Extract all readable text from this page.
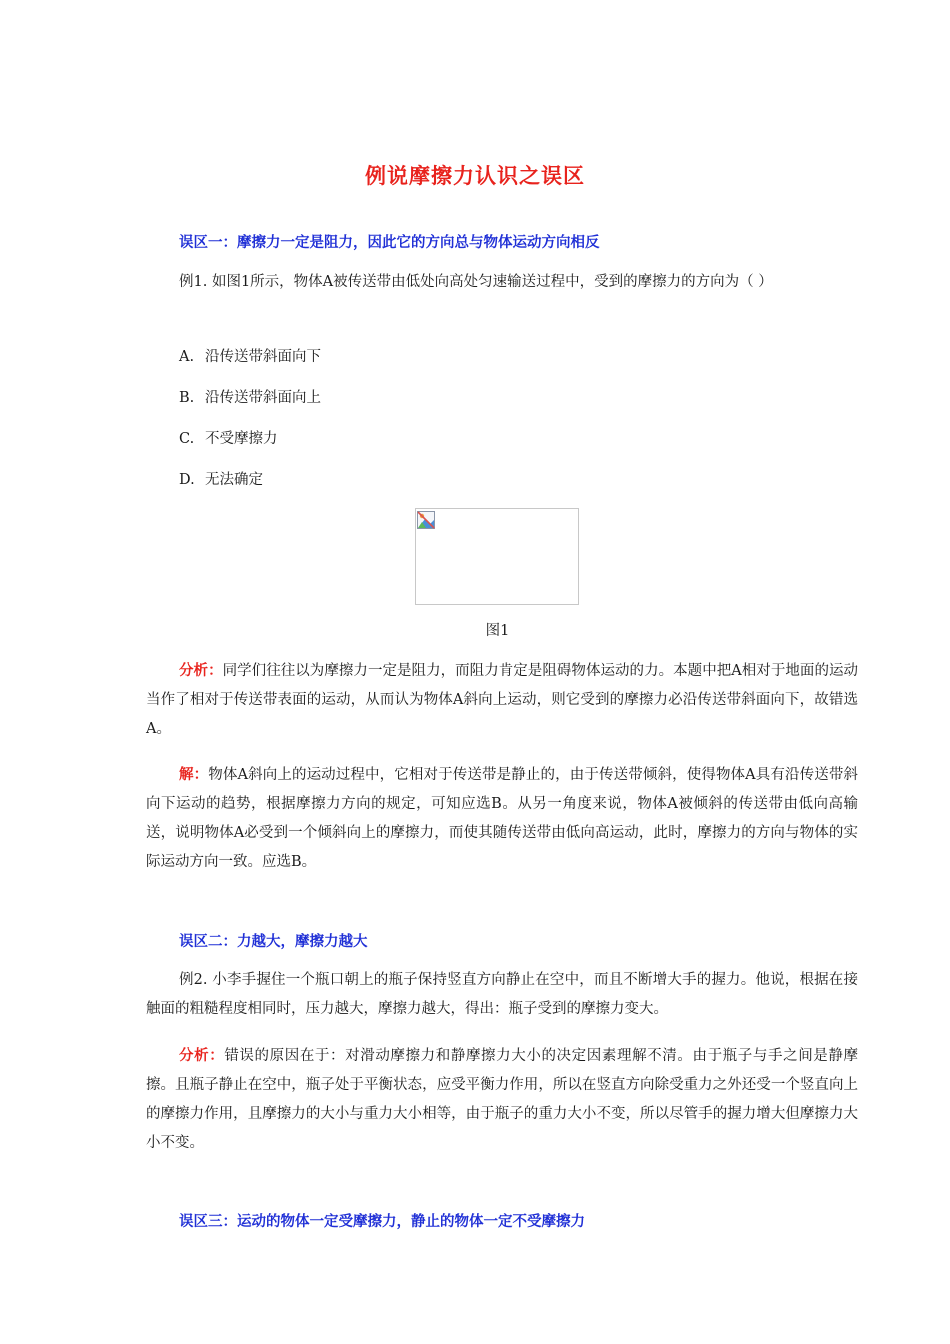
例说摩擦力认识之误区
误区一：摩擦力一定是阻力，因此它的方向总与物体运动方向相反
例1. 如图1所示，物体A被传送带由低处向高处匀速输送过程中，受到的摩擦力的方向为（ ）
A. 沿传送带斜面向下
B. 沿传送带斜面向上
C. 不受摩擦力
D. 无法确定
图1
分析：同学们往往以为摩擦力一定是阻力，而阻力肯定是阻碍物体运动的力。本题中把A相对于地面的运动当作了相对于传送带表面的运动，从而认为物体A斜向上运动，则它受到的摩擦力必沿传送带斜面向下，故错选A。
解：物体A斜向上的运动过程中，它相对于传送带是静止的，由于传送带倾斜，使得物体A具有沿传送带斜向下运动的趋势，根据摩擦力方向的规定，可知应选B。从另一角度来说，物体A被倾斜的传送带由低向高输送，说明物体A必受到一个倾斜向上的摩擦力，而使其随传送带由低向高运动，此时，摩擦力的方向与物体的实际运动方向一致。应选B。
误区二：力越大，摩擦力越大
例2. 小李手握住一个瓶口朝上的瓶子保持竖直方向静止在空中，而且不断增大手的握力。他说，根据在接触面的粗糙程度相同时，压力越大，摩擦力越大，得出：瓶子受到的摩擦力变大。
分析：错误的原因在于：对滑动摩擦力和静摩擦力大小的决定因素理解不清。由于瓶子与手之间是静摩擦。且瓶子静止在空中，瓶子处于平衡状态，应受平衡力作用，所以在竖直方向除受重力之外还受一个竖直向上的摩擦力作用，且摩擦力的大小与重力大小相等，由于瓶子的重力大小不变，所以尽管手的握力增大但摩擦力大小不变。
误区三：运动的物体一定受摩擦力，静止的物体一定不受摩擦力
